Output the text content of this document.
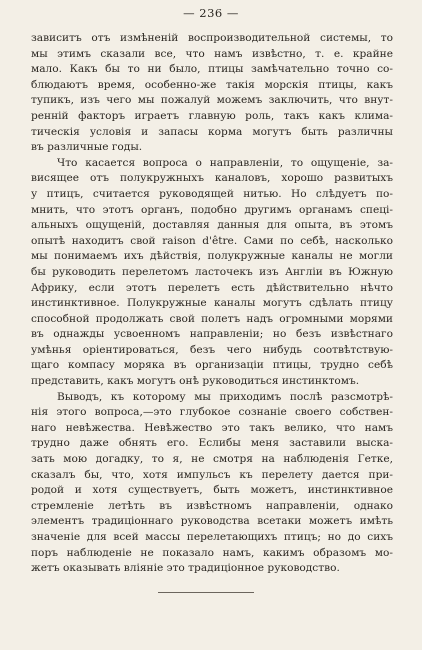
— 236 —
зависитъ отъ измѣненій воспроизводительной системы, то
мы этимъ сказали все, что намъ извѣстно, т. е. крайне
мало. Какъ бы то ни было, птицы замѣчательно точно со-
блюдаютъ время, особенно-же такія морскія птицы, какъ
тупикъ, изъ чего мы пожалуй можемъ заключить, что внут-
ренній факторъ играетъ главную роль, такъ какъ клима-
тическія условія и запасы корма могутъ быть различны
въ различные годы.
Что касается вопроса о направленіи, то ощущеніе, за-
висящее отъ полукружныхъ каналовъ, хорошо развитыхъ
у птицъ, считается руководящей нитью. Но слѣдуетъ по-
мнить, что этотъ органъ, подобно другимъ органамъ спеці-
альныхъ ощущеній, доставляя данныя для опыта, въ этомъ
опытѣ находитъ свой raison d'être. Сами по себѣ, насколько
мы понимаемъ ихъ дѣйствія, полукружные каналы не могли
бы руководить перелетомъ ласточекъ изъ Англіи въ Южную
Африку, если этотъ перелетъ есть дѣйствительно нѣчто
инстинктивное. Полукружные каналы могутъ сдѣлать птицу
способной продолжать свой полетъ надъ огромными морями
въ однажды усвоенномъ направленіи; но безъ извѣстнаго
умѣнья оріентироваться, безъ чего нибудь соотвѣтствую-
щаго компасу моряка въ организаціи птицы, трудно себѣ
представить, какъ могутъ онѣ руководиться инстинктомъ.
Выводъ, къ которому мы приходимъ послѣ разсмотрѣ-
нія этого вопроса,—это глубокое сознаніе своего собствен-
наго невѣжества. Невѣжество это такъ велико, что намъ
трудно даже обнять его. Еслибы меня заставили выска-
зать мою догадку, то я, не смотря на наблюденія Гетке,
сказалъ бы, что, хотя импульсъ къ перелету дается при-
родой и хотя существуетъ, быть можетъ, инстинктивное
стремленіе летѣть въ извѣстномъ направленіи, однако
элементъ традиціоннаго руководства всетаки можетъ имѣть
значеніе для всей массы перелетающихъ птицъ; но до сихъ
поръ наблюденіе не показало намъ, какимъ образомъ мо-
жетъ оказывать вліяніе это традиціонное руководство.
